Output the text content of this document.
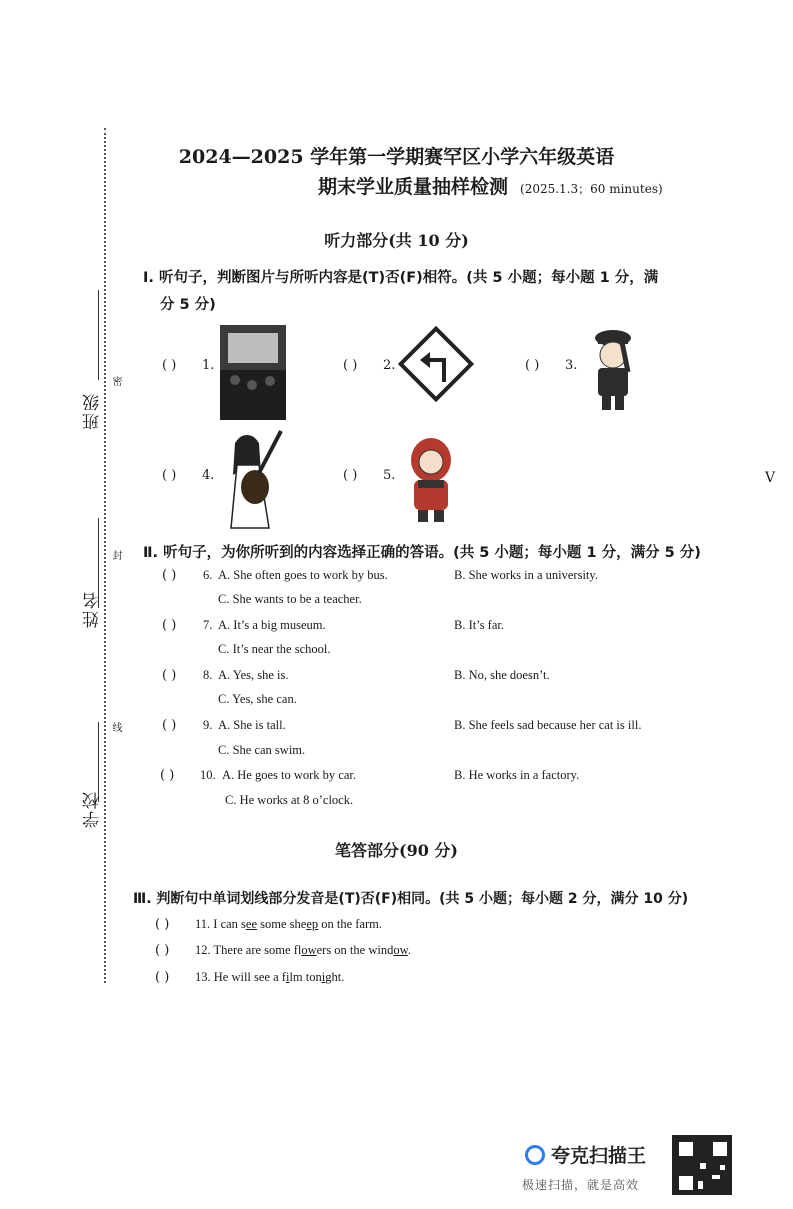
班级
密
姓名
封
学校
线
V
2024—2025 学年第一学期赛罕区小学六年级英语
期末学业质量抽样检测 (2025.1.3；60 minutes)
听力部分(共 10 分)
Ⅰ. 听句子，判断图片与所听内容是(T)否(F)相符。(共 5 小题；每小题 1 分，满
分 5 分)
( ) 1.	( ) 2.	( ) 3.
( ) 4.	( ) 5.
Ⅱ. 听句子，为你所听到的内容选择正确的答语。(共 5 小题；每小题 1 分，满分 5 分)
( ) 6. A. She often goes to work by bus.	B. She works in a university.
C. She wants to be a teacher.
( ) 7. A. It’s a big museum.	B. It’s far.
C. It’s near the school.
( ) 8. A. Yes, she is.	B. No, she doesn’t.
C. Yes, she can.
( ) 9. A. She is tall.	B. She feels sad because her cat is ill.
C. She can swim.
( ) 10. A. He goes to work by car.	B. He works in a factory.
C. He works at 8 o’clock.
笔答部分(90 分)
Ⅲ. 判断句中单词划线部分发音是(T)否(F)相同。(共 5 小题；每小题 2 分，满分 10 分)
( ) 11. I can see some sheep on the farm.
( ) 12. There are some flowers on the window.
( ) 13. He will see a film tonight.
夸克扫描王
极速扫描，就是高效
